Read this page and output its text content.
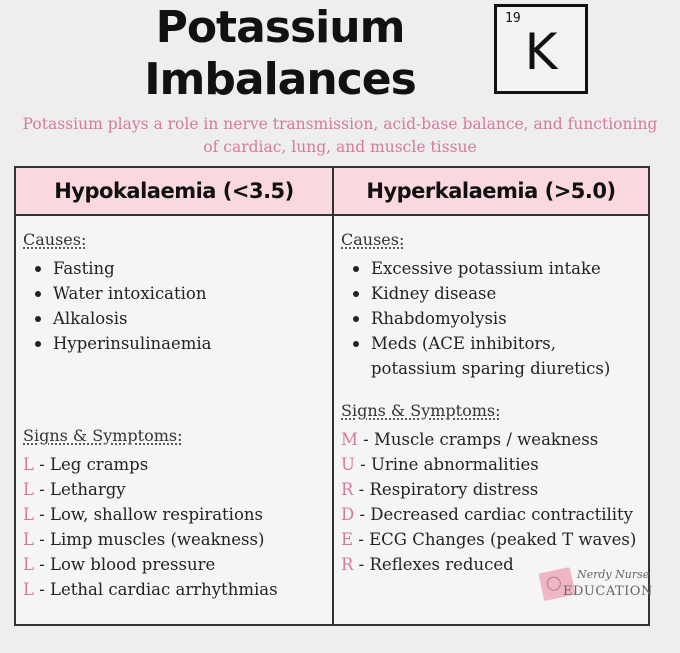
Potassium Imbalances
19
K
Potassium plays a role in nerve transmission, acid-base balance, and functioning of cardiac, lung, and muscle tissue
Hypokalaemia (<3.5)	Hyperkalaemia (>5.0)
Causes:
Fasting
Water intoxication
Alkalosis
Hyperinsulinaemia
Signs & Symptoms:
L - Leg cramps
L - Lethargy
L - Low, shallow respirations
L - Limp muscles (weakness)
L - Low blood pressure
L - Lethal cardiac arrhythmias
Causes:
Excessive potassium intake
Kidney disease
Rhabdomyolysis
Meds (ACE inhibitors, potassium sparing diuretics)
Signs & Symptoms:
M - Muscle cramps / weakness
U - Urine abnormalities
R - Respiratory distress
D - Decreased cardiac contractility
E - ECG Changes (peaked T waves)
R - Reflexes reduced
Nerdy Nurse
EDUCATION
